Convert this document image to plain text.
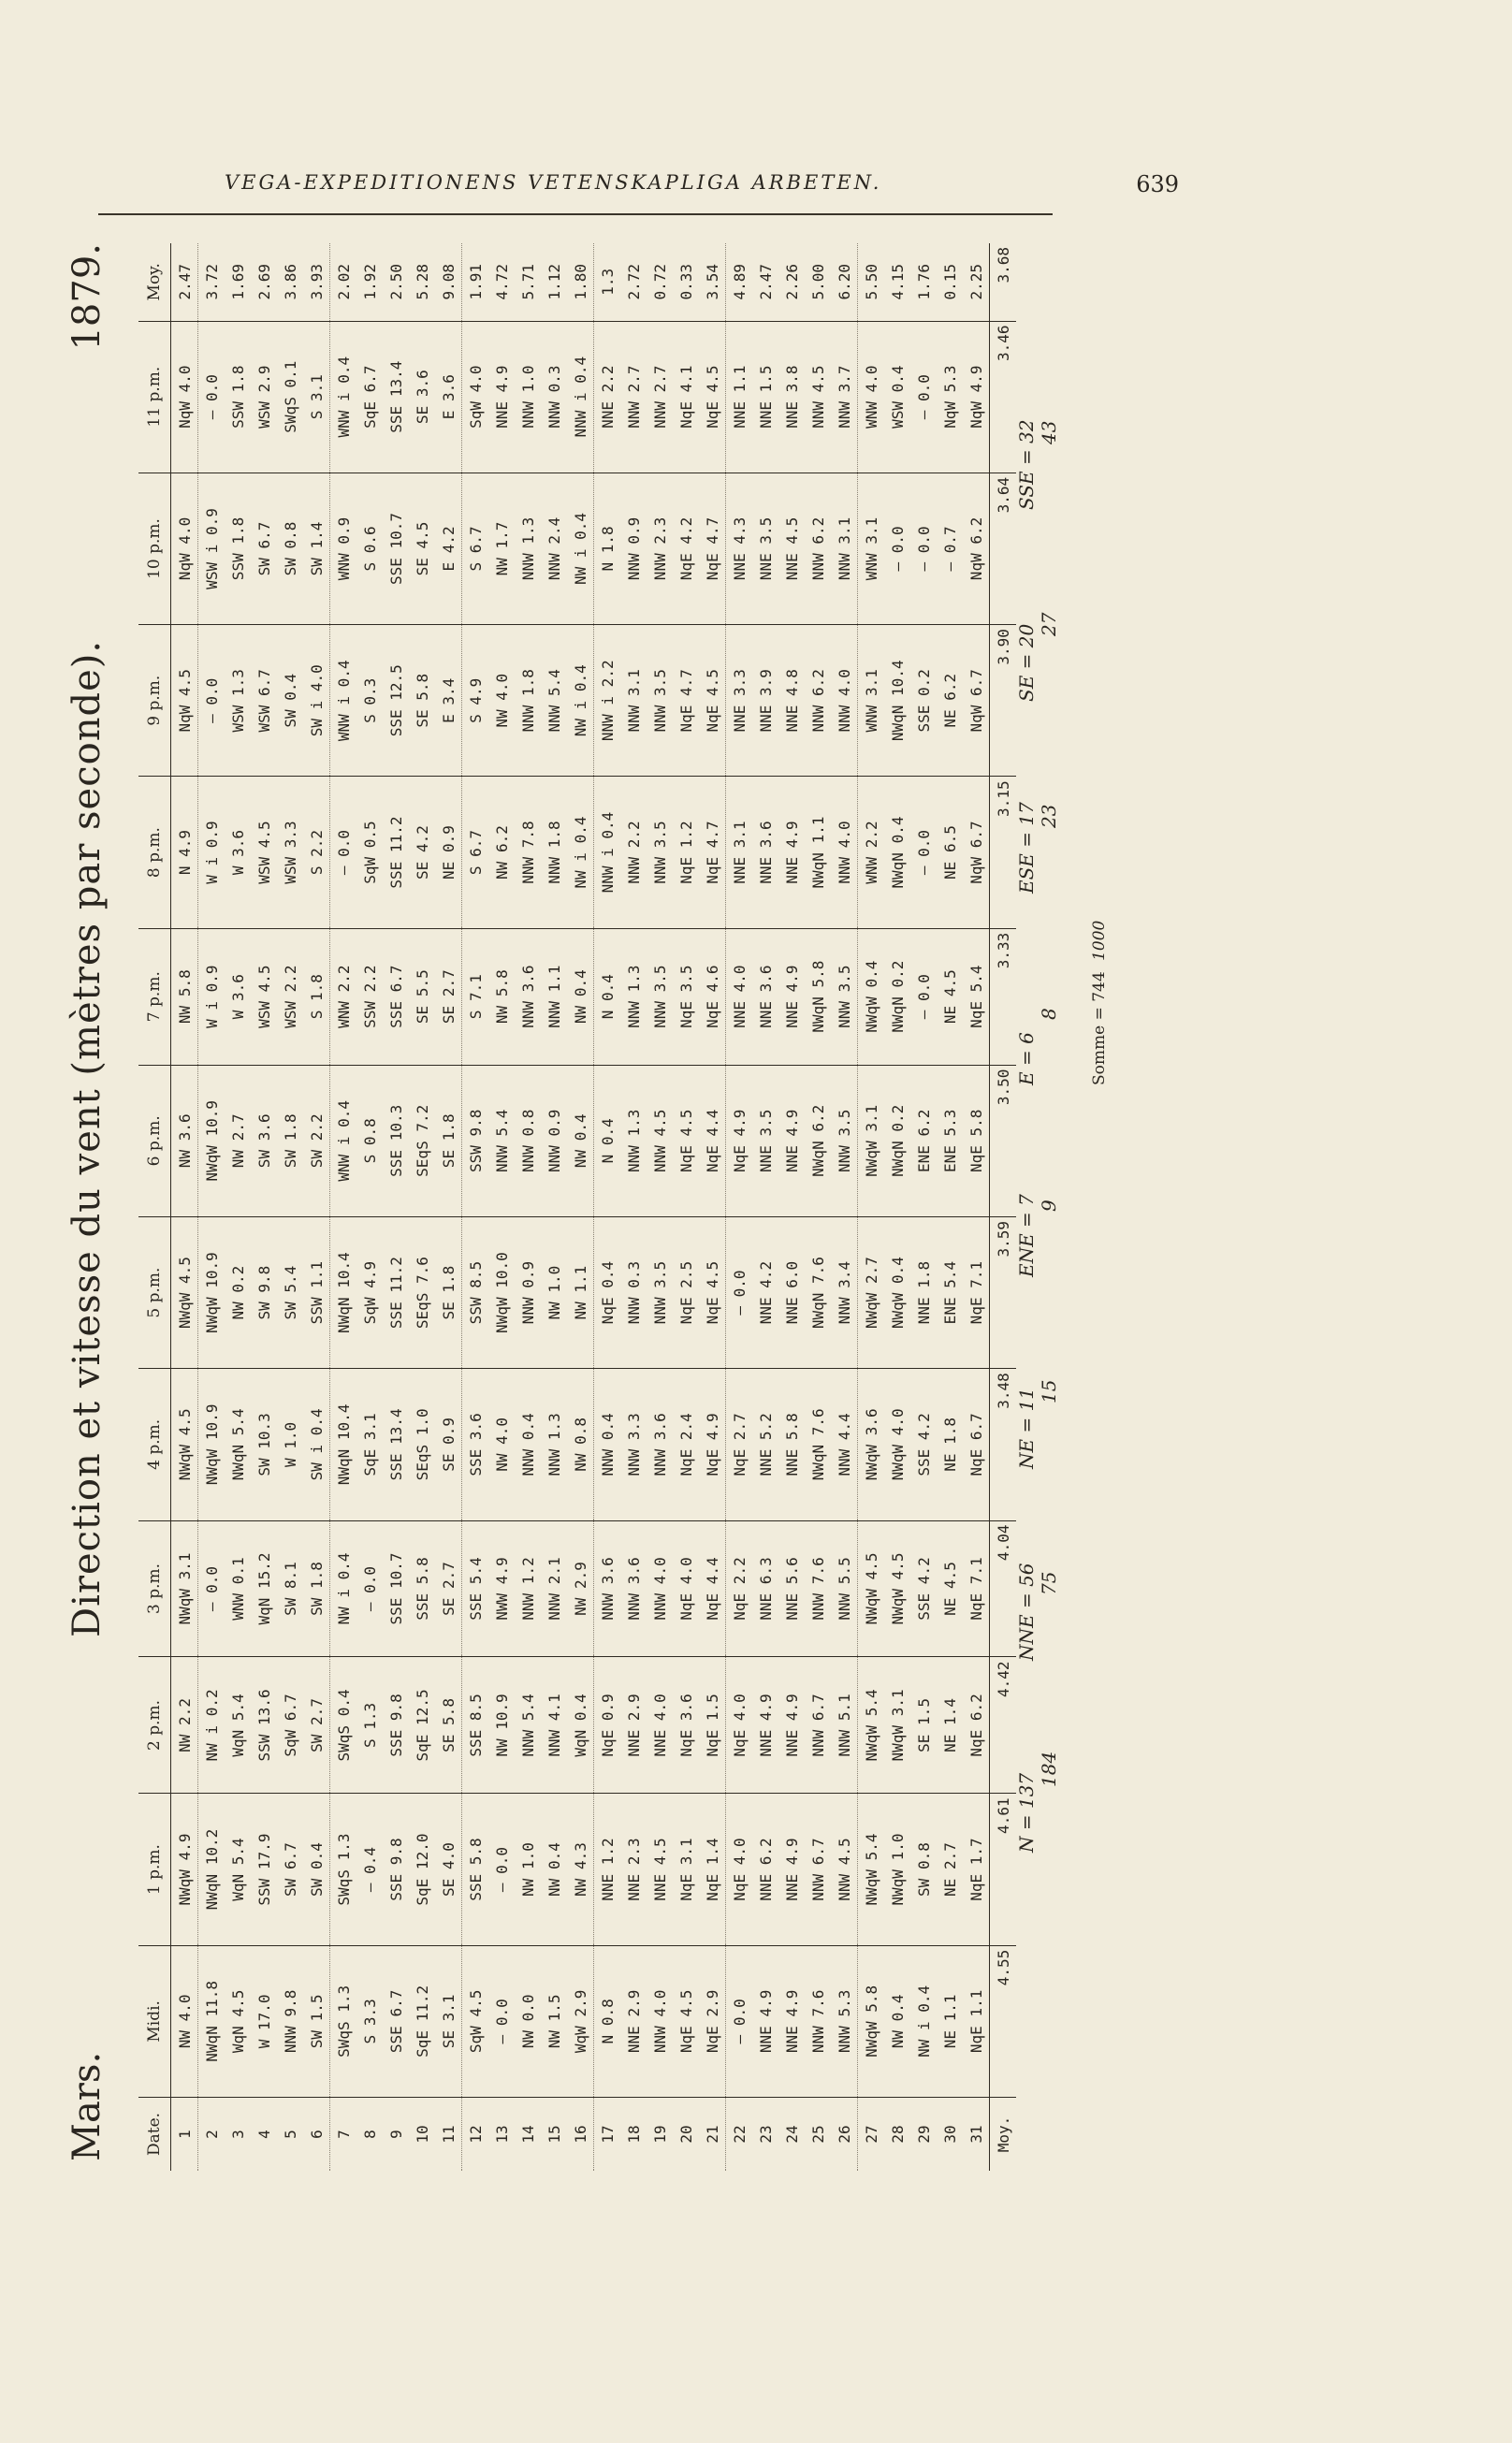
VEGA-EXPEDITIONENS VETENSKAPLIGA ARBETEN.	639
Mars.
Direction et vitesse du vent (mètres par seconde).
1879.
Date.	Midi.	1 p.m.	2 p.m.	3 p.m.	4 p.m.	5 p.m.	6 p.m.	7 p.m.	8 p.m.	9 p.m.	10 p.m.	11 p.m.	Moy.
1	NW 4.0	NWqW 4.9	NW 2.2	NWqW 3.1	NWqW 4.5	NWqW 4.5	NW 3.6	NW 5.8	N 4.9	NqW 4.5	NqW 4.0	NqW 4.0	2.47
2	NWqN 11.8	NWqN 10.2	NW i 0.2	— 0.0	NWqW 10.9	NWqW 10.9	NWqW 10.9	W i 0.9	W i 0.9	— 0.0	WSW i 0.9	— 0.0	3.72
3	WqN 4.5	WqN 5.4	WqN 5.4	WNW 0.1	NWqN 5.4	NW 0.2	NW 2.7	W 3.6	W 3.6	WSW 1.3	SSW 1.8	SSW 1.8	1.69
4	W 17.0	SSW 17.9	SSW 13.6	WqN 15.2	SW 10.3	SW 9.8	SW 3.6	WSW 4.5	WSW 4.5	WSW 6.7	SW 6.7	WSW 2.9	2.69
5	NNW 9.8	SW 6.7	SqW 6.7	SW 8.1	W 1.0	SW 5.4	SW 1.8	WSW 2.2	WSW 3.3	SW 0.4	SW 0.8	SWqS 0.1	3.86
6	SW 1.5	SW 0.4	SW 2.7	SW 1.8	SW i 0.4	SSW 1.1	SW 2.2	S 1.8	S 2.2	SW i 4.0	SW 1.4	S 3.1	3.93
7	SWqS 1.3	SWqS 1.3	SWqS 0.4	NW i 0.4	NWqN 10.4	NWqN 10.4	WNW i 0.4	WNW 2.2	— 0.0	WNW i 0.4	WNW 0.9	WNW i 0.4	2.02
8	S 3.3	— 0.4	S 1.3	— 0.0	SqE 3.1	SqW 4.9	S 0.8	SSW 2.2	SqW 0.5	S 0.3	S 0.6	SqE 6.7	1.92
9	SSE 6.7	SSE 9.8	SSE 9.8	SSE 10.7	SSE 13.4	SSE 11.2	SSE 10.3	SSE 6.7	SSE 11.2	SSE 12.5	SSE 10.7	SSE 13.4	2.50
10	SqE 11.2	SqE 12.0	SqE 12.5	SSE 5.8	SEqS 1.0	SEqS 7.6	SEqS 7.2	SE 5.5	SE 4.2	SE 5.8	SE 4.5	SE 3.6	5.28
11	SE 3.1	SE 4.0	SE 5.8	SE 2.7	SE 0.9	SE 1.8	SE 1.8	SE 2.7	NE 0.9	E 3.4	E 4.2	E 3.6	9.08
12	SqW 4.5	SSE 5.8	SSE 8.5	SSE 5.4	SSE 3.6	SSW 8.5	SSW 9.8	S 7.1	S 6.7	S 4.9	S 6.7	SqW 4.0	1.91
13	— 0.0	— 0.0	NW 10.9	NWW 4.9	NW 4.0	NWqW 10.0	NNW 5.4	NW 5.8	NW 6.2	NW 4.0	NW 1.7	NNE 4.9	4.72
14	NW 0.0	NW 1.0	NNW 5.4	NNW 1.2	NNW 0.4	NNW 0.9	NNW 0.8	NNW 3.6	NNW 7.8	NNW 1.8	NNW 1.3	NNW 1.0	5.71
15	NW 1.5	NW 0.4	NNW 4.1	NNW 2.1	NNW 1.3	NW 1.0	NNW 0.9	NNW 1.1	NNW 1.8	NNW 5.4	NNW 2.4	NNW 0.3	1.12
16	WqW 2.9	NW 4.3	WqN 0.4	NW 2.9	NW 0.8	NW 1.1	NW 0.4	NW 0.4	NW i 0.4	NW i 0.4	NW i 0.4	NNW i 0.4	1.80
17	N 0.8	NNE 1.2	NqE 0.9	NNW 3.6	NNW 0.4	NqE 0.4	N 0.4	N 0.4	NNW i 0.4	NNW i 2.2	N 1.8	NNE 2.2	1.3
18	NNE 2.9	NNE 2.3	NNE 2.9	NNW 3.6	NNW 3.3	NNW 0.3	NNW 1.3	NNW 1.3	NNW 2.2	NNW 3.1	NNW 0.9	NNW 2.7	2.72
19	NNW 4.0	NNE 4.5	NNE 4.0	NNW 4.0	NNW 3.6	NNW 3.5	NNW 4.5	NNW 3.5	NNW 3.5	NNW 3.5	NNW 2.3	NNW 2.7	0.72
20	NqE 4.5	NqE 3.1	NqE 3.6	NqE 4.0	NqE 2.4	NqE 2.5	NqE 4.5	NqE 3.5	NqE 1.2	NqE 4.7	NqE 4.2	NqE 4.1	0.33
21	NqE 2.9	NqE 1.4	NqE 1.5	NqE 4.4	NqE 4.9	NqE 4.5	NqE 4.4	NqE 4.6	NqE 4.7	NqE 4.5	NqE 4.7	NqE 4.5	3.54
22	— 0.0	NqE 4.0	NqE 4.0	NqE 2.2	NqE 2.7	— 0.0	NqE 4.9	NNE 4.0	NNE 3.1	NNE 3.3	NNE 4.3	NNE 1.1	4.89
23	NNE 4.9	NNE 6.2	NNE 4.9	NNE 6.3	NNE 5.2	NNE 4.2	NNE 3.5	NNE 3.6	NNE 3.6	NNE 3.9	NNE 3.5	NNE 1.5	2.47
24	NNE 4.9	NNE 4.9	NNE 4.9	NNE 5.6	NNE 5.8	NNE 6.0	NNE 4.9	NNE 4.9	NNE 4.9	NNE 4.8	NNE 4.5	NNE 3.8	2.26
25	NNW 7.6	NNW 6.7	NNW 6.7	NNW 7.6	NWqN 7.6	NWqN 7.6	NWqN 6.2	NWqN 5.8	NWqN 1.1	NNW 6.2	NNW 6.2	NNW 4.5	5.00
26	NNW 5.3	NNW 4.5	NNW 5.1	NNW 5.5	NNW 4.4	NNW 3.4	NNW 3.5	NNW 3.5	NNW 4.0	NNW 4.0	NNW 3.1	NNW 3.7	6.20
27	NWqW 5.8	NWqW 5.4	NWqW 5.4	NWqW 4.5	NWqW 3.6	NWqW 2.7	NWqW 3.1	NWqW 0.4	WNW 2.2	WNW 3.1	WNW 3.1	WNW 4.0	5.50
28	NW 0.4	NWqW 1.0	NWqW 3.1	NWqW 4.5	NWqW 4.0	NWqW 0.4	NWqN 0.2	NWqN 0.2	NWqN 0.4	NWqN 10.4	— 0.0	WSW 0.4	4.15
29	NW i 0.4	SW 0.8	SE 1.5	SSE 4.2	SSE 4.2	NNE 1.8	ENE 6.2	— 0.0	— 0.0	SSE 0.2	— 0.0	— 0.0	1.76
30	NE 1.1	NE 2.7	NE 1.4	NE 4.5	NE 1.8	ENE 5.4	ENE 5.3	NE 4.5	NE 6.5	NE 6.2	— 0.7	NqW 5.3	0.15
31	NqE 1.1	NqE 1.7	NqE 6.2	NqE 7.1	NqE 6.7	NqE 7.1	NqE 5.8	NqE 5.4	NqW 6.7	NqW 6.7	NqW 6.2	NqW 4.9	2.25
Moy.	4.55	4.61	4.42	4.04	3.48	3.59	3.50	3.33	3.15	3.90	3.64	3.46	3.68
N = 137
184
NNE = 56 75
NE = 11 15
ENE = 7 9
E = 6
8
ESE = 17 23
SE = 20 27
SSE = 32 43
Somme = 744 1000
